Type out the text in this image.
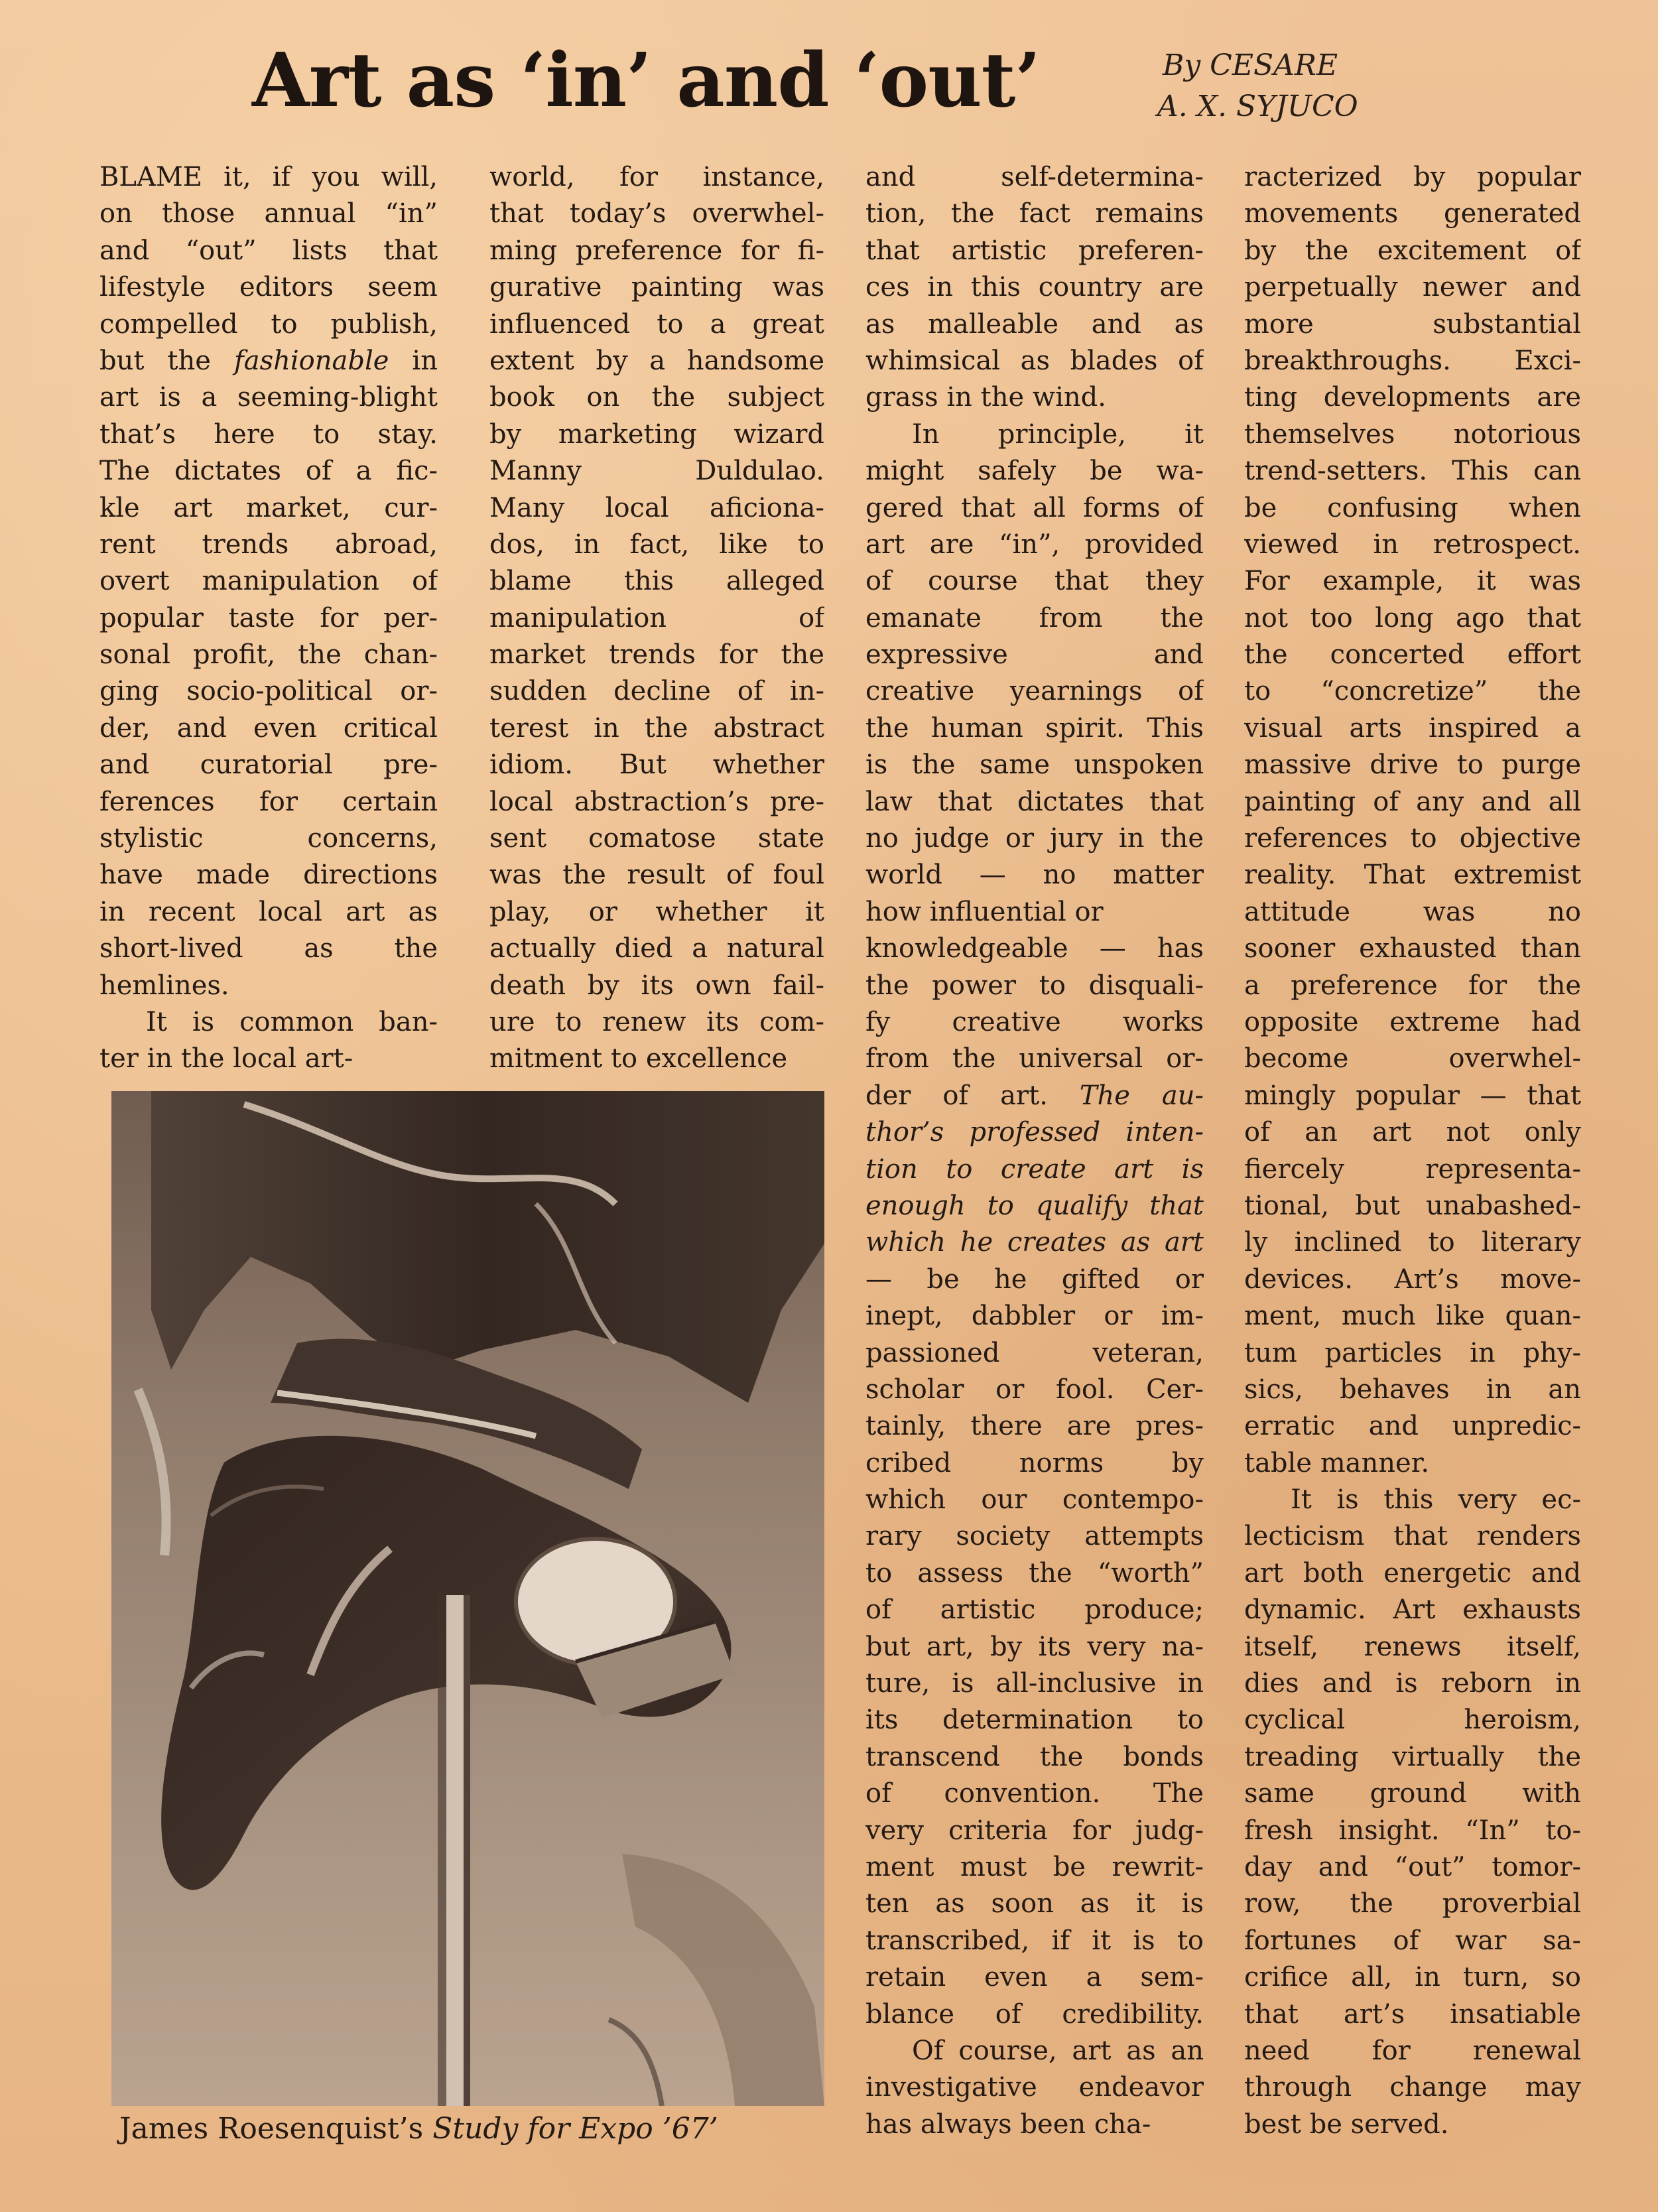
Art as ‘in’ and ‘out’	By CESARE
A. X. SYJUCO
BLAME it, if you will,
on those annual “in”
and “out” lists that
lifestyle editors seem
compelled to publish,
but the fashionable in
art is a seeming-blight
that’s here to stay.
The dictates of a fic-
kle art market, cur-
rent trends abroad,
overt manipulation of
popular taste for per-
sonal profit, the chan-
ging socio-political or-
der, and even critical
and curatorial pre-
ferences for certain
stylistic concerns,
have made directions
in recent local art as
short-lived as the
hemlines.
It is common ban-
ter in the local art-
world, for instance,
that today’s overwhel-
ming preference for fi-
gurative painting was
influenced to a great
extent by a handsome
book on the subject
by marketing wizard
Manny Duldulao.
Many local aficiona-
dos, in fact, like to
blame this alleged
manipulation of
market trends for the
sudden decline of in-
terest in the abstract
idiom. But whether
local abstraction’s pre-
sent comatose state
was the result of foul
play, or whether it
actually died a natural
death by its own fail-
ure to renew its com-
mitment to excellence
and self-determina-
tion, the fact remains
that artistic preferen-
ces in this country are
as malleable and as
whimsical as blades of
grass in the wind.
In principle, it
might safely be wa-
gered that all forms of
art are “in”, provided
of course that they
emanate from the
expressive and
creative yearnings of
the human spirit. This
is the same unspoken
law that dictates that
no judge or jury in the
world — no matter
how influential or
knowledgeable — has
the power to disquali-
fy creative works
from the universal or-
der of art. The au-
thor’s professed inten-
tion to create art is
enough to qualify that
which he creates as art
— be he gifted or
inept, dabbler or im-
passioned veteran,
scholar or fool. Cer-
tainly, there are pres-
cribed norms by
which our contempo-
rary society attempts
to assess the “worth”
of artistic produce;
but art, by its very na-
ture, is all-inclusive in
its determination to
transcend the bonds
of convention. The
very criteria for judg-
ment must be rewrit-
ten as soon as it is
transcribed, if it is to
retain even a sem-
blance of credibility.
Of course, art as an
investigative endeavor
has always been cha-
racterized by popular
movements generated
by the excitement of
perpetually newer and
more substantial
breakthroughs. Exci-
ting developments are
themselves notorious
trend-setters. This can
be confusing when
viewed in retrospect.
For example, it was
not too long ago that
the concerted effort
to “concretize” the
visual arts inspired a
massive drive to purge
painting of any and all
references to objective
reality. That extremist
attitude was no
sooner exhausted than
a preference for the
opposite extreme had
become overwhel-
mingly popular — that
of an art not only
fiercely representa-
tional, but unabashed-
ly inclined to literary
devices. Art’s move-
ment, much like quan-
tum particles in phy-
sics, behaves in an
erratic and unpredic-
table manner.
It is this very ec-
lecticism that renders
art both energetic and
dynamic. Art exhausts
itself, renews itself,
dies and is reborn in
cyclical heroism,
treading virtually the
same ground with
fresh insight. “In” to-
day and “out” tomor-
row, the proverbial
fortunes of war sa-
crifice all, in turn, so
that art’s insatiable
need for renewal
through change may
best be served.
James Roesenquist’s Study for Expo ’67’
